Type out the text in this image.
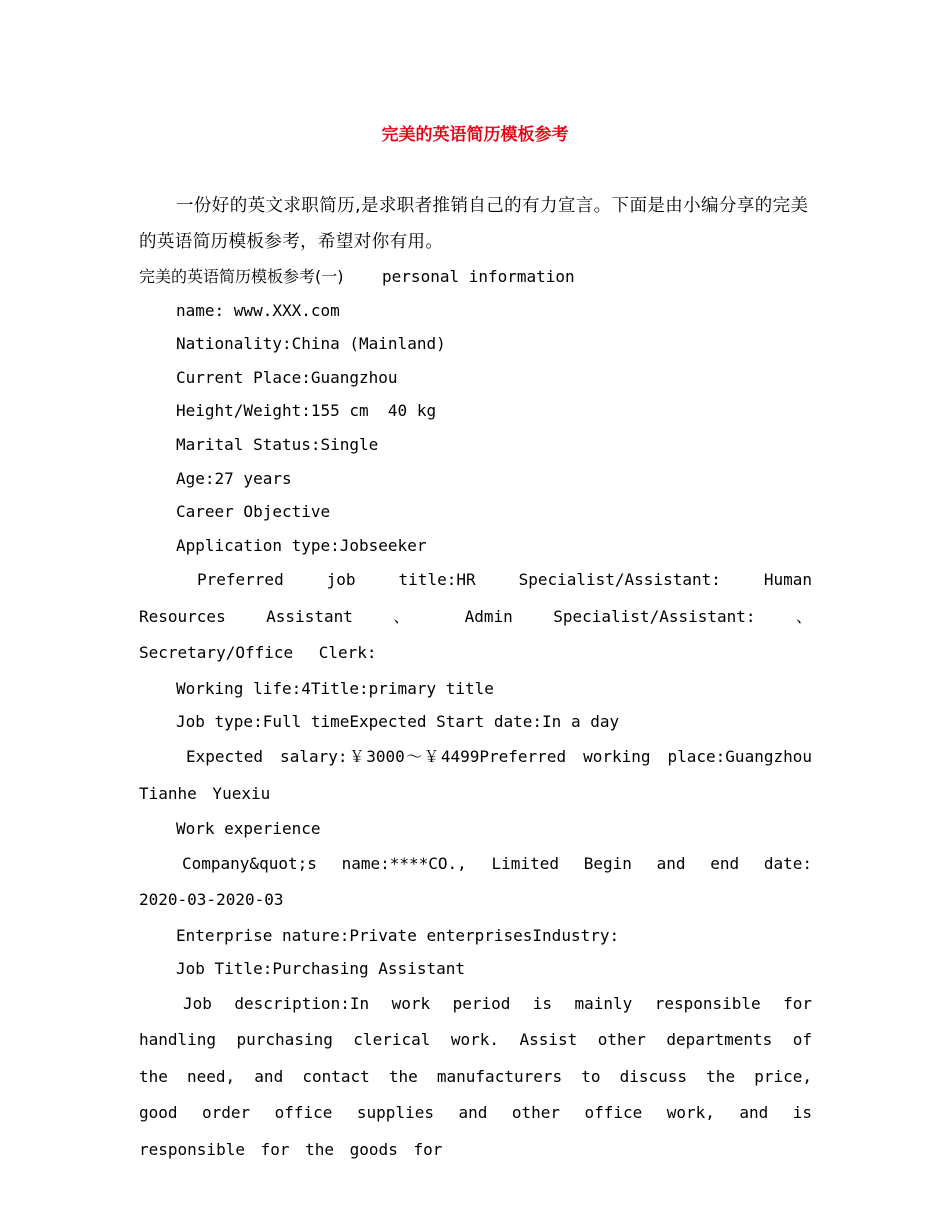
完美的英语简历模板参考

一份好的英文求职简历,是求职者推销自己的有力宣言。下面是由小编分享的完美的英语简历模板参考，希望对你有用。

完美的英语简历模板参考(一)    personal information

name: www.XXX.com

Nationality:China (Mainland)

Current Place:Guangzhou

Height/Weight:155 cm  40 kg

Marital Status:Single

Age:27 years

Career Objective

Application type:Jobseeker

Preferred job title:HR Specialist/Assistant: Human Resources Assistant 、 Admin Specialist/Assistant: 、 Secretary/Office Clerk:

Working life:4Title:primary title

Job type:Full timeExpected Start date:In a day

Expected salary:￥3000～￥4499Preferred working place:Guangzhou Tianhe Yuexiu

Work experience

Company&quot;s name:****CO., Limited Begin and end date: 2020-03-2020-03

Enterprise nature:Private enterprisesIndustry:

Job Title:Purchasing Assistant

Job description:In work period is mainly responsible for handling purchasing clerical work. Assist other departments of the need, and contact the manufacturers to discuss the price, good order office supplies and other office work, and is responsible for the goods for
